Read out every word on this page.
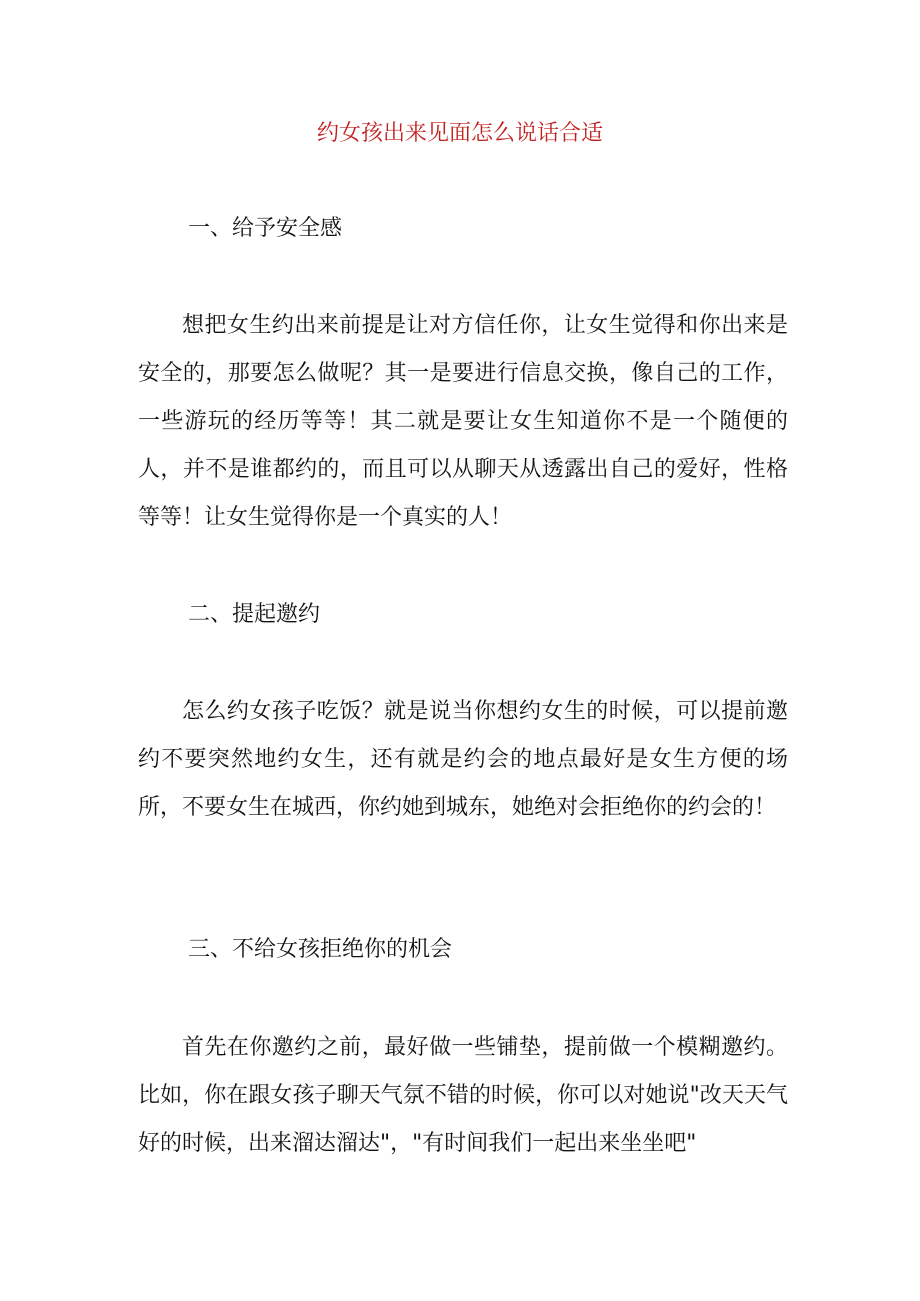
约女孩出来见面怎么说话合适
一、给予安全感
想把女生约出来前提是让对方信任你，让女生觉得和你出来是安全的，那要怎么做呢？其一是要进行信息交换，像自己的工作，一些游玩的经历等等！其二就是要让女生知道你不是一个随便的人，并不是谁都约的，而且可以从聊天从透露出自己的爱好，性格等等！让女生觉得你是一个真实的人！
二、提起邀约
怎么约女孩子吃饭？就是说当你想约女生的时候，可以提前邀约不要突然地约女生，还有就是约会的地点最好是女生方便的场所，不要女生在城西，你约她到城东，她绝对会拒绝你的约会的！
三、不给女孩拒绝你的机会
首先在你邀约之前，最好做一些铺垫，提前做一个模糊邀约。比如，你在跟女孩子聊天气氛不错的时候，你可以对她说"改天天气好的时候，出来溜达溜达"，"有时间我们一起出来坐坐吧"
